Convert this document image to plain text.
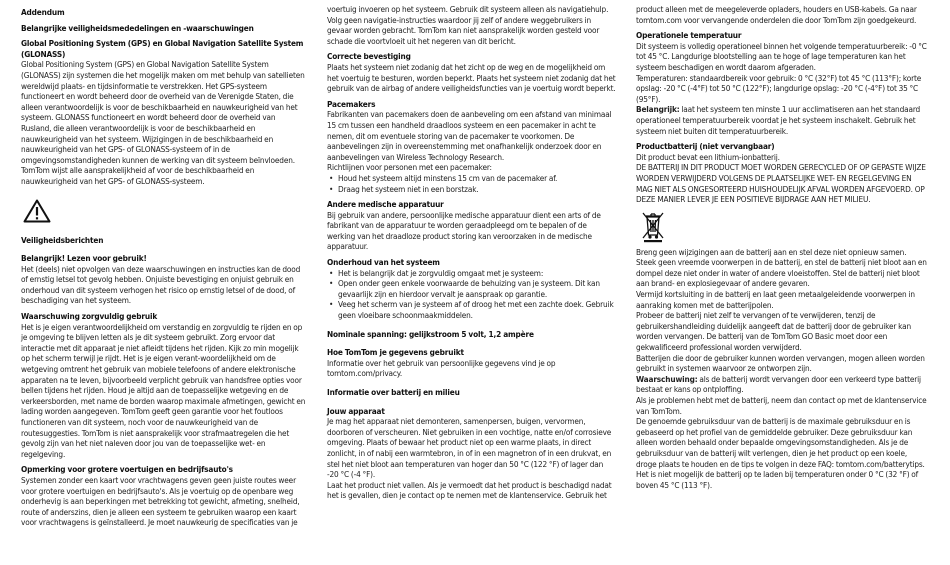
Addendum

Belangrijke veiligheidsmededelingen en -waarschuwingen

Global Positioning System (GPS) en Global Navigation Satellite System (GLONASS)

Global Positioning System (GPS) en Global Navigation Satellite System (GLONASS) zijn systemen die het mogelijk maken om met behulp van satellieten wereldwijd plaats- en tijdsinformatie te verstrekken. Het GPS-systeem functioneert en wordt beheerd door de overheid van de Verenigde Staten, die alleen verantwoordelijk is voor de beschikbaarheid en nauwkeurigheid van het systeem. GLONASS functioneert en wordt beheerd door de overheid van Rusland, die alleen verantwoordelijk is voor de beschikbaarheid en nauwkeurigheid van het systeem. Wijzigingen in de beschikbaarheid en nauwkeurigheid van het GPS- of GLONASS-systeem of in de omgevingsomstandigheden kunnen de werking van dit systeem beïnvloeden. TomTom wijst alle aansprakelijkheid af voor de beschikbaarheid en nauwkeurigheid van het GPS- of GLONASS-systeem.

Veiligheidsberichten

Belangrijk! Lezen voor gebruik!

Het (deels) niet opvolgen van deze waarschuwingen en instructies kan de dood of ernstig letsel tot gevolg hebben. Onjuiste bevestiging en onjuist gebruik en onderhoud van dit systeem verhogen het risico op ernstig letsel of de dood, of beschadiging van het systeem.

Waarschuwing zorgvuldig gebruik

Het is je eigen verantwoordelijkheid om verstandig en zorgvuldig te rijden en op je omgeving te blijven letten als je dit systeem gebruikt. Zorg ervoor dat interactie met dit apparaat je niet afleidt tijdens het rijden. Kijk zo min mogelijk op het scherm terwijl je rijdt. Het is je eigen verant-woordelijkheid om de wetgeving omtrent het gebruik van mobiele telefoons of andere elektronische apparaten na te leven, bijvoorbeeld verplicht gebruik van handsfree opties voor bellen tijdens het rijden. Houd je altijd aan de toepasselijke wetgeving en de verkeersborden, met name de borden waarop maximale afmetingen, gewicht en lading worden aangegeven. TomTom geeft geen garantie voor het foutloos functioneren van dit systeem, noch voor de nauwkeurigheid van de routesuggesties. TomTom is niet aansprakelijk voor strafmaatregelen die het gevolg zijn van het niet naleven door jou van de toepasselijke wet- en regelgeving.

Opmerking voor grotere voertuigen en bedrijfsauto's

Systemen zonder een kaart voor vrachtwagens geven geen juiste routes weer voor grotere voertuigen en bedrijfsauto's. Als je voertuig op de openbare weg onderhevig is aan beperkingen met betrekking tot gewicht, afmeting, snelheid, route of anderszins, dien je alleen een systeem te gebruiken waarop een kaart voor vrachtwagens is geïnstalleerd. Je moet nauwkeurig de specificaties van je

voertuig invoeren op het systeem. Gebruik dit systeem alleen als navigatiehulp. Volg geen navigatie-instructies waardoor jij zelf of andere weggebruikers in gevaar worden gebracht. TomTom kan niet aansprakelijk worden gesteld voor schade die voortvloeit uit het negeren van dit bericht.

Correcte bevestiging

Plaats het systeem niet zodanig dat het zicht op de weg en de mogelijkheid om het voertuig te besturen, worden beperkt. Plaats het systeem niet zodanig dat het gebruik van de airbag of andere veiligheidsfuncties van je voertuig wordt beperkt.

Pacemakers

Fabrikanten van pacemakers doen de aanbeveling om een afstand van minimaal 15 cm tussen een handheld draadloos systeem en een pacemaker in acht te nemen, dit om eventuele storing van de pacemaker te voorkomen. De aanbevelingen zijn in overeenstemming met onafhankelijk onderzoek door en aanbevelingen van Wireless Technology Research.

Richtlijnen voor personen met een pacemaker:

• Houd het systeem altijd minstens 15 cm van de pacemaker af.
• Draag het systeem niet in een borstzak.

Andere medische apparatuur

Bij gebruik van andere, persoonlijke medische apparatuur dient een arts of de fabrikant van de apparatuur te worden geraadpleegd om te bepalen of de werking van het draadloze product storing kan veroorzaken in de medische apparatuur.

Onderhoud van het systeem

• Het is belangrijk dat je zorgvuldig omgaat met je systeem:
• Open onder geen enkele voorwaarde de behuizing van je systeem. Dit kan gevaarlijk zijn en hierdoor vervalt je aanspraak op garantie.
• Veeg het scherm van je systeem af of droog het met een zachte doek. Gebruik geen vloeibare schoonmaakmiddelen.

Nominale spanning: gelijkstroom 5 volt, 1,2 ampère

Hoe TomTom je gegevens gebruikt

Informatie over het gebruik van persoonlijke gegevens vind je op tomtom.com/privacy.

Informatie over batterij en milieu

Jouw apparaat

Je mag het apparaat niet demonteren, samenpersen, buigen, vervormen, doorboren of verscheuren. Niet gebruiken in een vochtige, natte en/of corrosieve omgeving. Plaats of bewaar het product niet op een warme plaats, in direct zonlicht, in of nabij een warmtebron, in of in een magnetron of in een drukvat, en stel het niet bloot aan temperaturen van hoger dan 50 °C (122 °F) of lager dan -20 °C (-4 °F).

Laat het product niet vallen. Als je vermoedt dat het product is beschadigd nadat het is gevallen, dien je contact op te nemen met de klantenservice. Gebruik het

product alleen met de meegeleverde opladers, houders en USB-kabels. Ga naar tomtom.com voor vervangende onderdelen die door TomTom zijn goedgekeurd.

Operationele temperatuur

Dit systeem is volledig operationeel binnen het volgende temperatuurbereik: -0 °C tot 45 °C. Langdurige blootstelling aan te hoge of lage temperaturen kan het systeem beschadigen en wordt daarom afgeraden.

Temperaturen: standaardbereik voor gebruik: 0 °C (32°F) tot 45 °C (113°F); korte opslag: -20 °C (-4°F) tot 50 °C (122°F); langdurige opslag: -20 °C (-4°F) tot 35 °C (95°F).

Belangrijk: laat het systeem ten minste 1 uur acclimatiseren aan het standaard operationeel temperatuurbereik voordat je het systeem inschakelt. Gebruik het systeem niet buiten dit temperatuurbereik.

Productbatterij (niet vervangbaar)

Dit product bevat een lithium-ionbatterij.

DE BATTERIJ IN DIT PRODUCT MOET WORDEN GERECYCLED OF OP GEPASTE WIJZE WORDEN VERWIJDERD VOLGENS DE PLAATSELIJKE WET- EN REGELGEVING EN MAG NIET ALS ONGESORTEERD HUISHOUDELIJK AFVAL WORDEN AFGEVOERD. OP DEZE MANIER LEVER JE EEN POSITIEVE BIJDRAGE AAN HET MILIEU.

Breng geen wijzigingen aan de batterij aan en stel deze niet opnieuw samen. Steek geen vreemde voorwerpen in de batterij, en stel de batterij niet bloot aan en dompel deze niet onder in water of andere vloeistoffen. Stel de batterij niet bloot aan brand- en explosiegevaar of andere gevaren.

Vermijd kortsluiting in de batterij en laat geen metaalgeleidende voorwerpen in aanraking komen met de batterijpolen.

Probeer de batterij niet zelf te vervangen of te verwijderen, tenzij de gebruikershandleiding duidelijk aangeeft dat de batterij door de gebruiker kan worden vervangen. De batterij van de TomTom GO Basic moet door een gekwalificeerd professional worden verwijderd.

Batterijen die door de gebruiker kunnen worden vervangen, mogen alleen worden gebruikt in systemen waarvoor ze ontworpen zijn.

Waarschuwing: als de batterij wordt vervangen door een verkeerd type batterij bestaat er kans op ontploffing.

Als je problemen hebt met de batterij, neem dan contact op met de klantenservice van TomTom.

De genoemde gebruiksduur van de batterij is de maximale gebruiksduur en is gebaseerd op het profiel van de gemiddelde gebruiker. Deze gebruiksduur kan alleen worden behaald onder bepaalde omgevingsomstandigheden. Als je de gebruiksduur van de batterij wilt verlengen, dien je het product op een koele, droge plaats te houden en de tips te volgen in deze FAQ: tomtom.com/batterytips. Het is niet mogelijk de batterij op te laden bij temperaturen onder 0 °C (32 °F) of boven 45 °C (113 °F).
